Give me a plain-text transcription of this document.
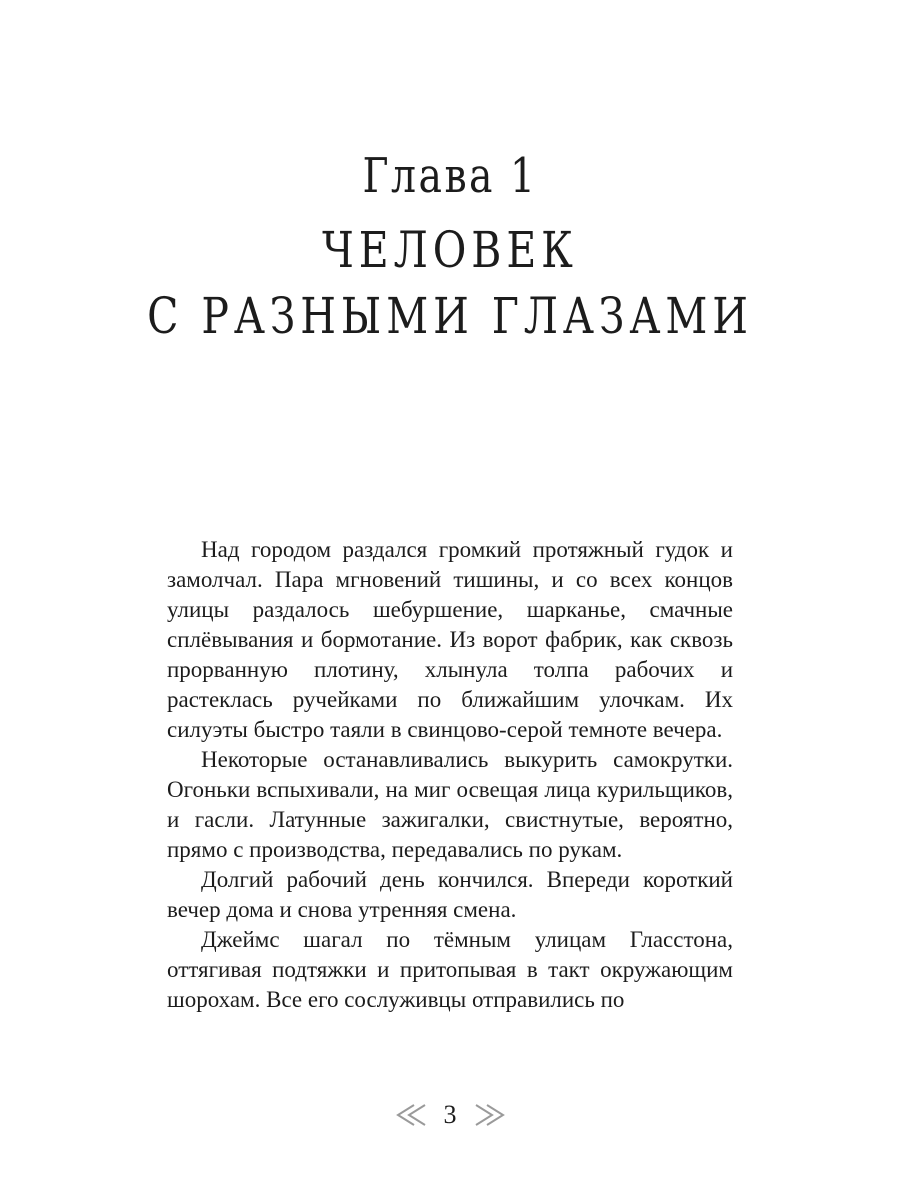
Глава 1
ЧЕЛОВЕК
С РАЗНЫМИ ГЛАЗАМИ

Над городом раздался громкий протяжный гудок и замолчал. Пара мгновений тишины, и со всех концов улицы раздалось шебуршение, шарканье, смачные сплёвывания и бормотание. Из ворот фабрик, как сквозь прорванную плотину, хлынула толпа рабочих и растеклась ручейками по ближайшим улочкам. Их силуэты быстро таяли в свинцово-серой темноте вечера.

Некоторые останавливались выкурить самокрутки. Огоньки вспыхивали, на миг освещая лица курильщиков, и гасли. Латунные зажигалки, свистнутые, вероятно, прямо с производства, передавались по рукам.

Долгий рабочий день кончился. Впереди короткий вечер дома и снова утренняя смена.

Джеймс шагал по тёмным улицам Гласстона, оттягивая подтяжки и притопывая в такт окружающим шорохам. Все его сослуживцы отправились по

3
